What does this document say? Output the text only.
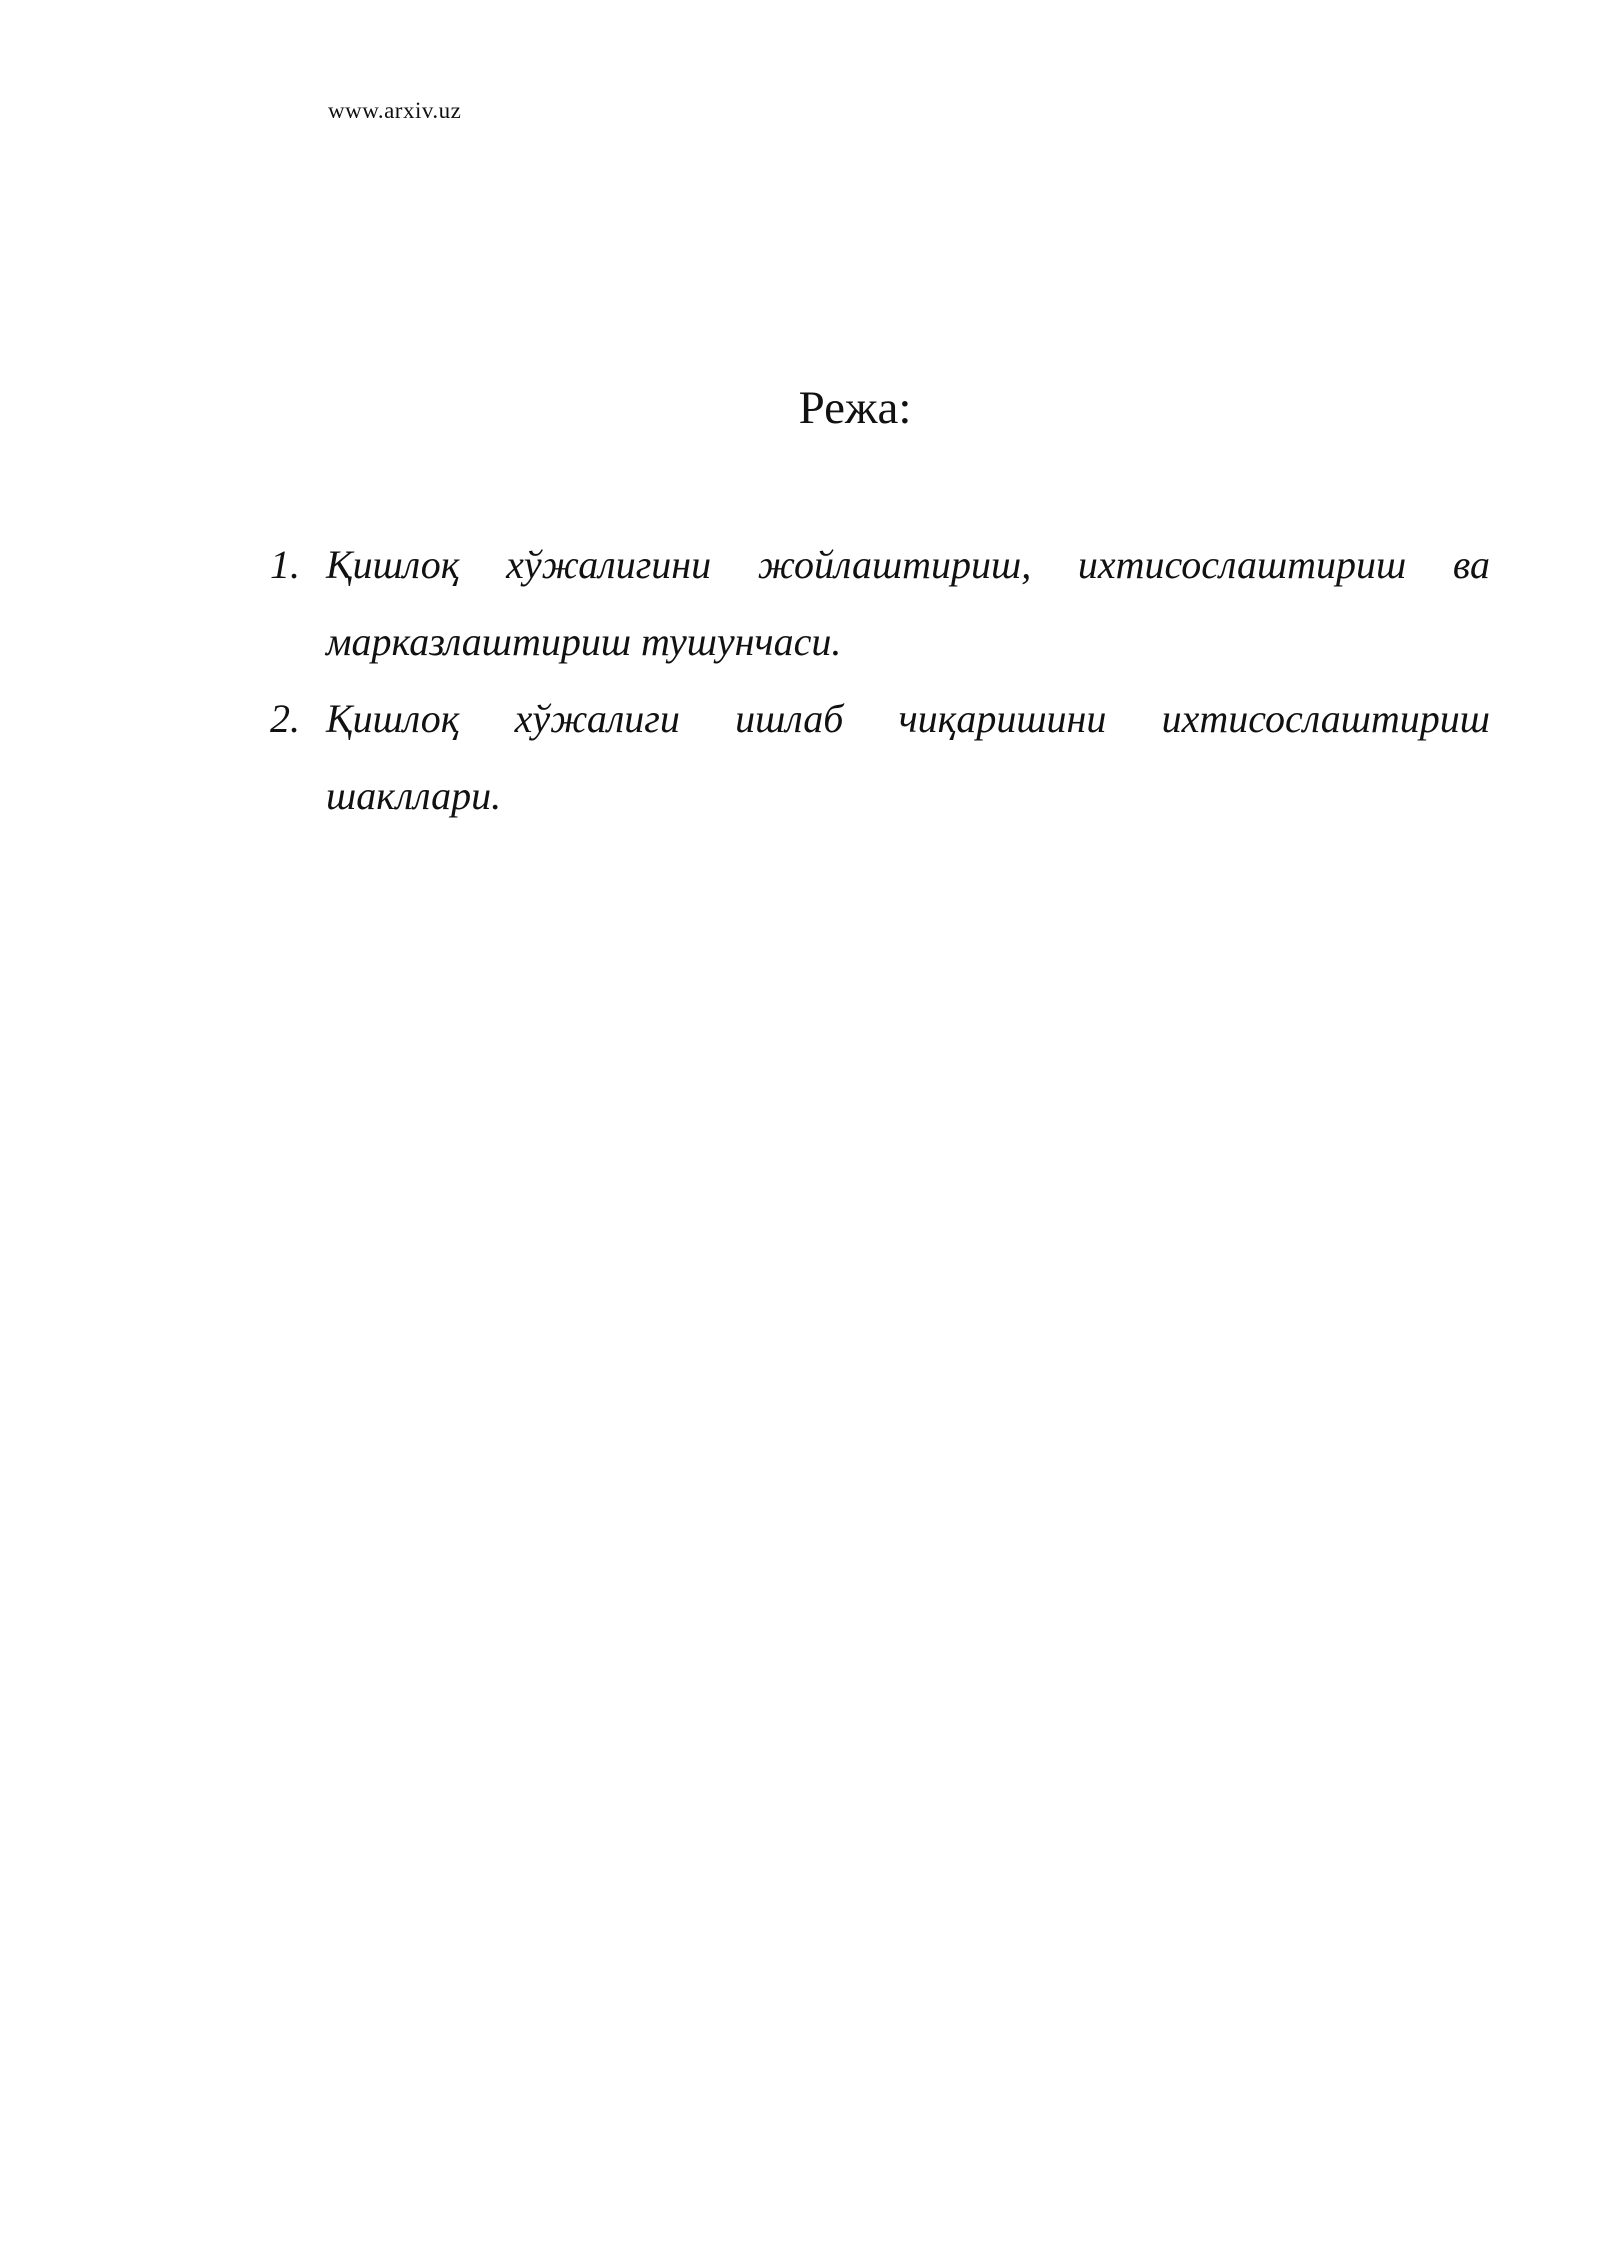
www.arxiv.uz
Режа:
1. Қишлоқ хўжалигини жойлаштириш, ихтисослаштириш ва
марказлаштириш тушунчаси.
2. Қишлоқ хўжалиги ишлаб чиқаришини ихтисослаштириш
шакллари.
